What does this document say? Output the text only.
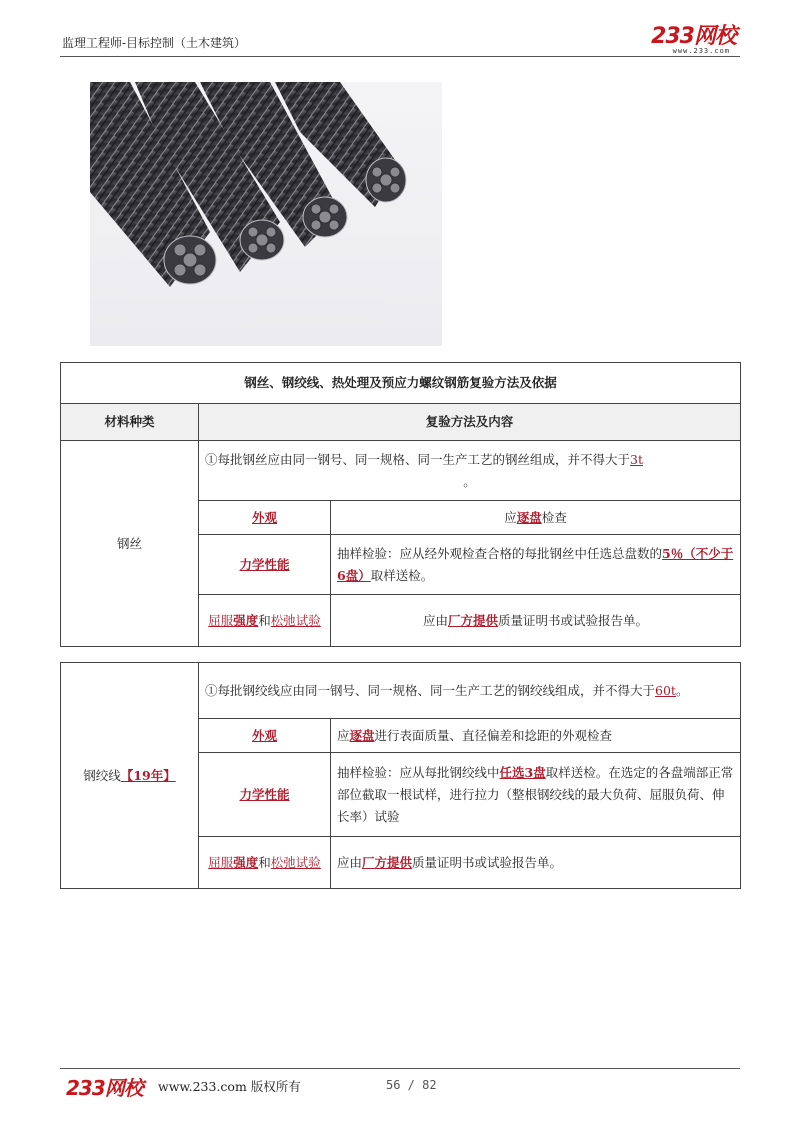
监理工程师-目标控制（土木建筑）	233网校
www.233.com
钢丝、钢绞线、热处理及预应力螺纹钢筋复验方法及依据		
材料种类	复验方法及内容	
钢丝	①每批钢丝应由同一钢号、同一规格、同一生产工艺的钢丝组成，并不得大于3t

。	

	外观	应逐盘检查
	力学性能	抽样检验：应从经外观检查合格的每批钢丝中任选总盘数的5％（不少于6盘）取样送检。
	屈服强度和松弛试验	应由厂方提供质量证明书或试验报告单。
钢绞线【19年】	①每批钢绞线应由同一钢号、同一规格、同一生产工艺的钢绞线组成，并不得大于60t。	
	外观	应逐盘进行表面质量、直径偏差和捻距的外观检查
	力学性能	抽样检验：应从每批钢绞线中任选3盘取样送检。在选定的各盘端部正常部位截取一根试样，进行拉力（整根钢绞线的最大负荷、屈服负荷、伸长率）试验
	屈服强度和松弛试验	应由厂方提供质量证明书或试验报告单。
233网校 www.233.com 版权所有	56 / 82
